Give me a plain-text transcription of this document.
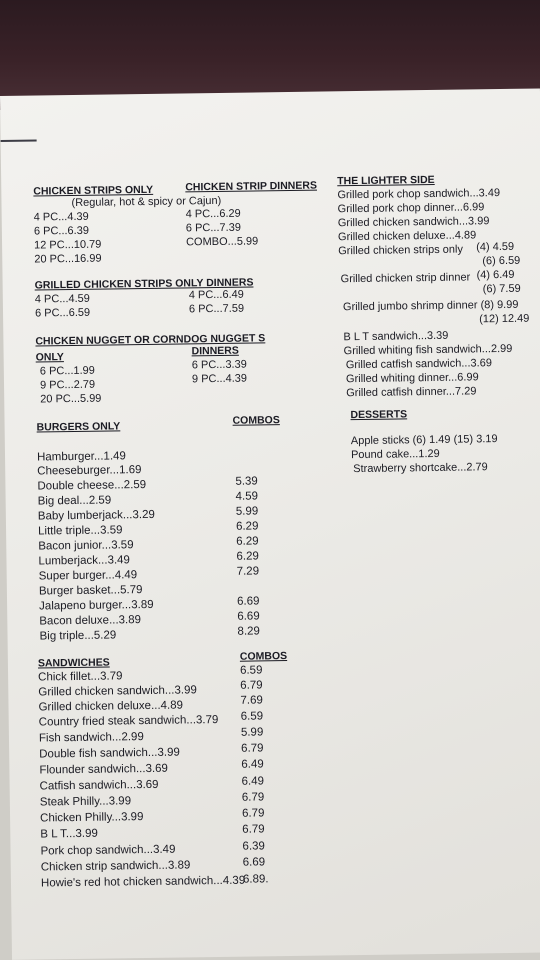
CHICKEN STRIPS ONLY
(Regular, hot & spicy or Cajun)
4 PC...4.39
6 PC...6.39
12 PC...10.79
20 PC...16.99
CHICKEN STRIP DINNERS
4 PC...6.29
6 PC...7.39
COMBO...5.99
GRILLED CHICKEN STRIPS ONLY DINNERS
4 PC...4.59
6 PC...6.59
4 PC...6.49
6 PC...7.59
CHICKEN NUGGET OR CORNDOG NUGGET S
ONLY	DINNERS
6 PC...1.99
9 PC...2.79
20 PC...5.99
6 PC...3.39
9 PC...4.39
THE LIGHTER SIDE
Grilled pork chop sandwich...3.49
Grilled pork chop dinner...6.99
Grilled chicken sandwich...3.99
Grilled chicken deluxe...4.89
Grilled chicken strips only (4) 4.59
(6) 6.59
Grilled chicken strip dinner (4) 6.49
(6) 7.59
Grilled jumbo shrimp dinner (8) 9.99
(12) 12.49
B L T sandwich...3.39
Grilled whiting fish sandwich...2.99
Grilled catfish sandwich...3.69
Grilled whiting dinner...6.99
Grilled catfish dinner...7.29
BURGERS ONLY	COMBOS
Hamburger...1.49
Cheeseburger...1.69
Double cheese...2.59
Big deal...2.59
Baby lumberjack...3.29
Little triple...3.59
Bacon junior...3.59
Lumberjack...3.49
Super burger...4.49
Burger basket...5.79
Jalapeno burger...3.89
Bacon deluxe...3.89
Big triple...5.29
5.39
4.59
5.99
6.29
6.29
6.29
7.29
6.69
6.69
8.29
DESSERTS
Apple sticks (6) 1.49 (15) 3.19
Pound cake...1.29
Strawberry shortcake...2.79
SANDWICHES
COMBOS
Chick fillet...3.79
Grilled chicken sandwich...3.99
Grilled chicken deluxe...4.89
Country fried steak sandwich...3.79
Fish sandwich...2.99
Double fish sandwich...3.99
Flounder sandwich...3.69
Catfish sandwich...3.69
Steak Philly...3.99
Chicken Philly...3.99
B L T...3.99
Pork chop sandwich...3.49
Chicken strip sandwich...3.89
Howie's red hot chicken sandwich...4.39
6.59
6.79
7.69
6.59
5.99
6.79
6.49
6.49
6.79
6.79
6.79
6.39
6.69
6.89.
